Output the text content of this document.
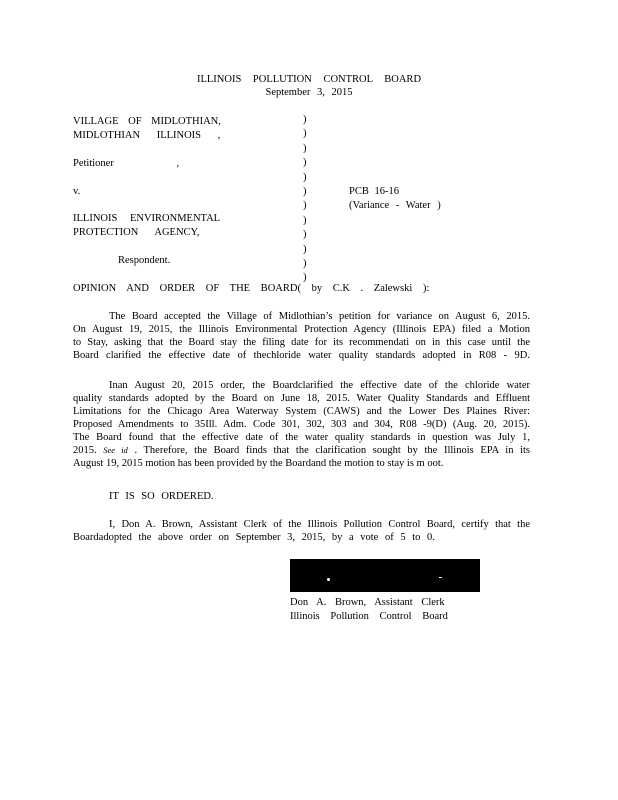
ILLINOIS POLLUTION CONTROL BOARD
September 3, 2015
VILLAGE OF MIDLOTHIAN,
MIDLOTHIAN ILLINOIS ,
Petitioner ,
v.
ILLINOIS ENVIRONMENTAL
PROTECTION AGENCY,
Respondent.
)
)
)
)
)
)
)
)
)
)
)
)
PCB 16-16
(Variance - Water )
OPINION AND ORDER OF THE BOARD( by C.K . Zalewski ):
The Board accepted the Village of Midlothian’s petition for variance on August 6, 2015.
On August 19, 2015, the Illinois Environmental Protection Agency (Illinois EPA) filed a Motion
to Stay, asking that the Board stay the filing date for its recommendati on in this case until the
Board clarified the effective date of thechloride water quality standards adopted in R08 - 9D.
Inan August 20, 2015 order, the Boardclarified the effective date of the chloride water
quality standards adopted by the Board on June 18, 2015. Water Quality Standards and Effluent
Limitations for the Chicago Area Waterway System (CAWS) and the Lower Des Plaines River:
Proposed Amendments to 35Ill. Adm. Code 301, 302, 303 and 304, R08 -9(D) (Aug. 20, 2015).
The Board found that the effective date of the water quality standards in question was July 1,
2015. See id . Therefore, the Board finds that the clarification sought by the Illinois EPA in its
August 19, 2015 motion has been provided by the Boardand the motion to stay is m oot.
IT IS SO ORDERED.
I, Don A. Brown, Assistant Clerk of the Illinois Pollution Control Board, certify that the
Boardadopted the above order on September 3, 2015, by a vote of 5 to 0.
Don A. Brown, Assistant Clerk
Illinois Pollution Control Board
